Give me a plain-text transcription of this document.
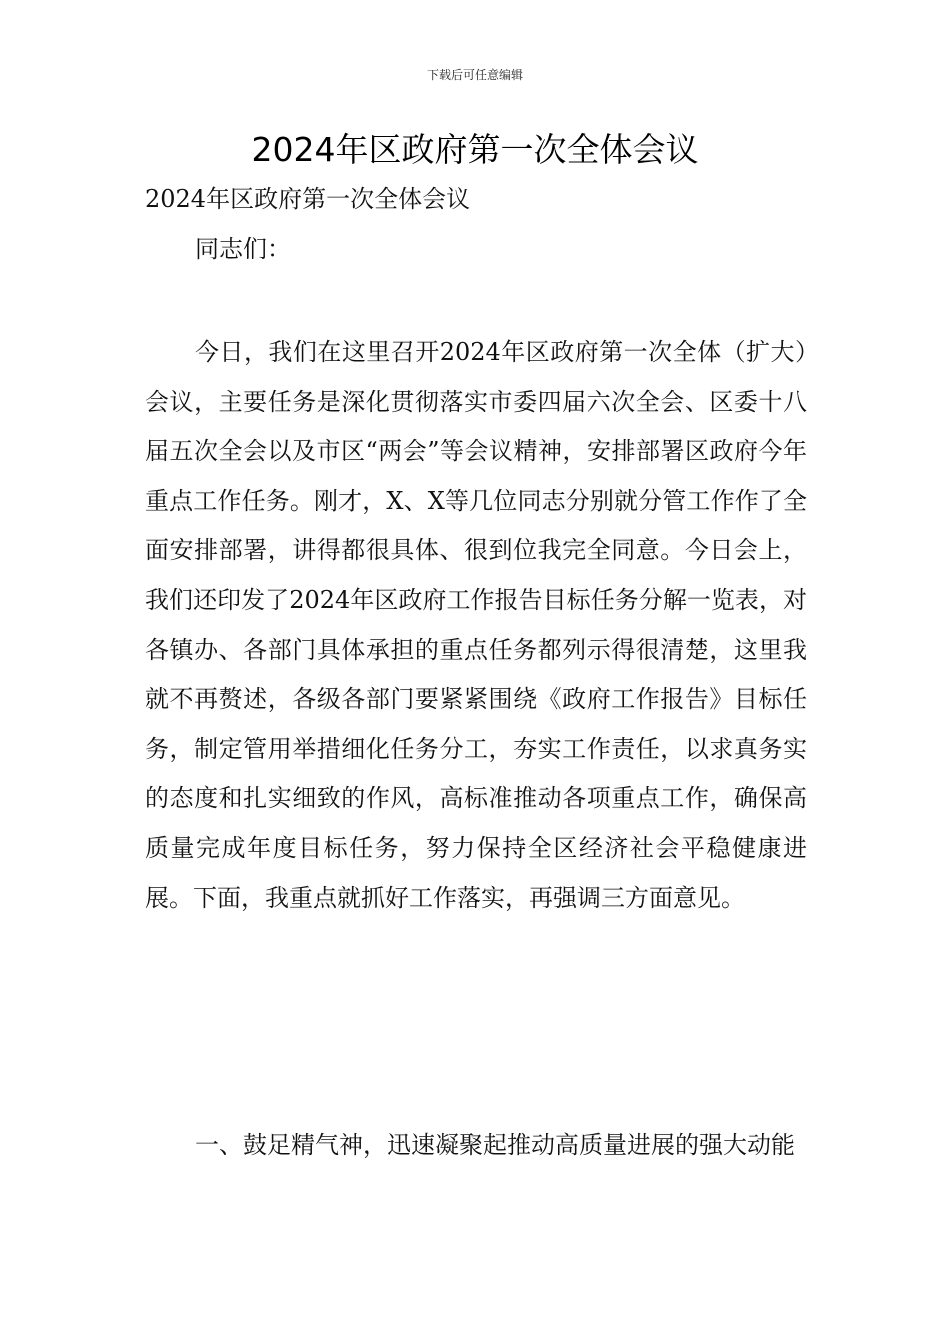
下载后可任意编辑
2024年区政府第一次全体会议
2024年区政府第一次全体会议
同志们：

今日，我们在这里召开2024年区政府第一次全体（扩大）会议，主要任务是深化贯彻落实市委四届六次全会、区委十八届五次全会以及市区“两会”等会议精神，安排部署区政府今年重点工作任务。刚才，X、X等几位同志分别就分管工作作了全面安排部署，讲得都很具体、很到位我完全同意。今日会上，我们还印发了2024年区政府工作报告目标任务分解一览表，对各镇办、各部门具体承担的重点任务都列示得很清楚，这里我就不再赘述，各级各部门要紧紧围绕《政府工作报告》目标任务，制定管用举措细化任务分工，夯实工作责任，以求真务实的态度和扎实细致的作风，高标准推动各项重点工作，确保高质量完成年度目标任务，努力保持全区经济社会平稳健康进展。下面，我重点就抓好工作落实，再强调三方面意见。

一、鼓足精气神，迅速凝聚起推动高质量进展的强大动能
